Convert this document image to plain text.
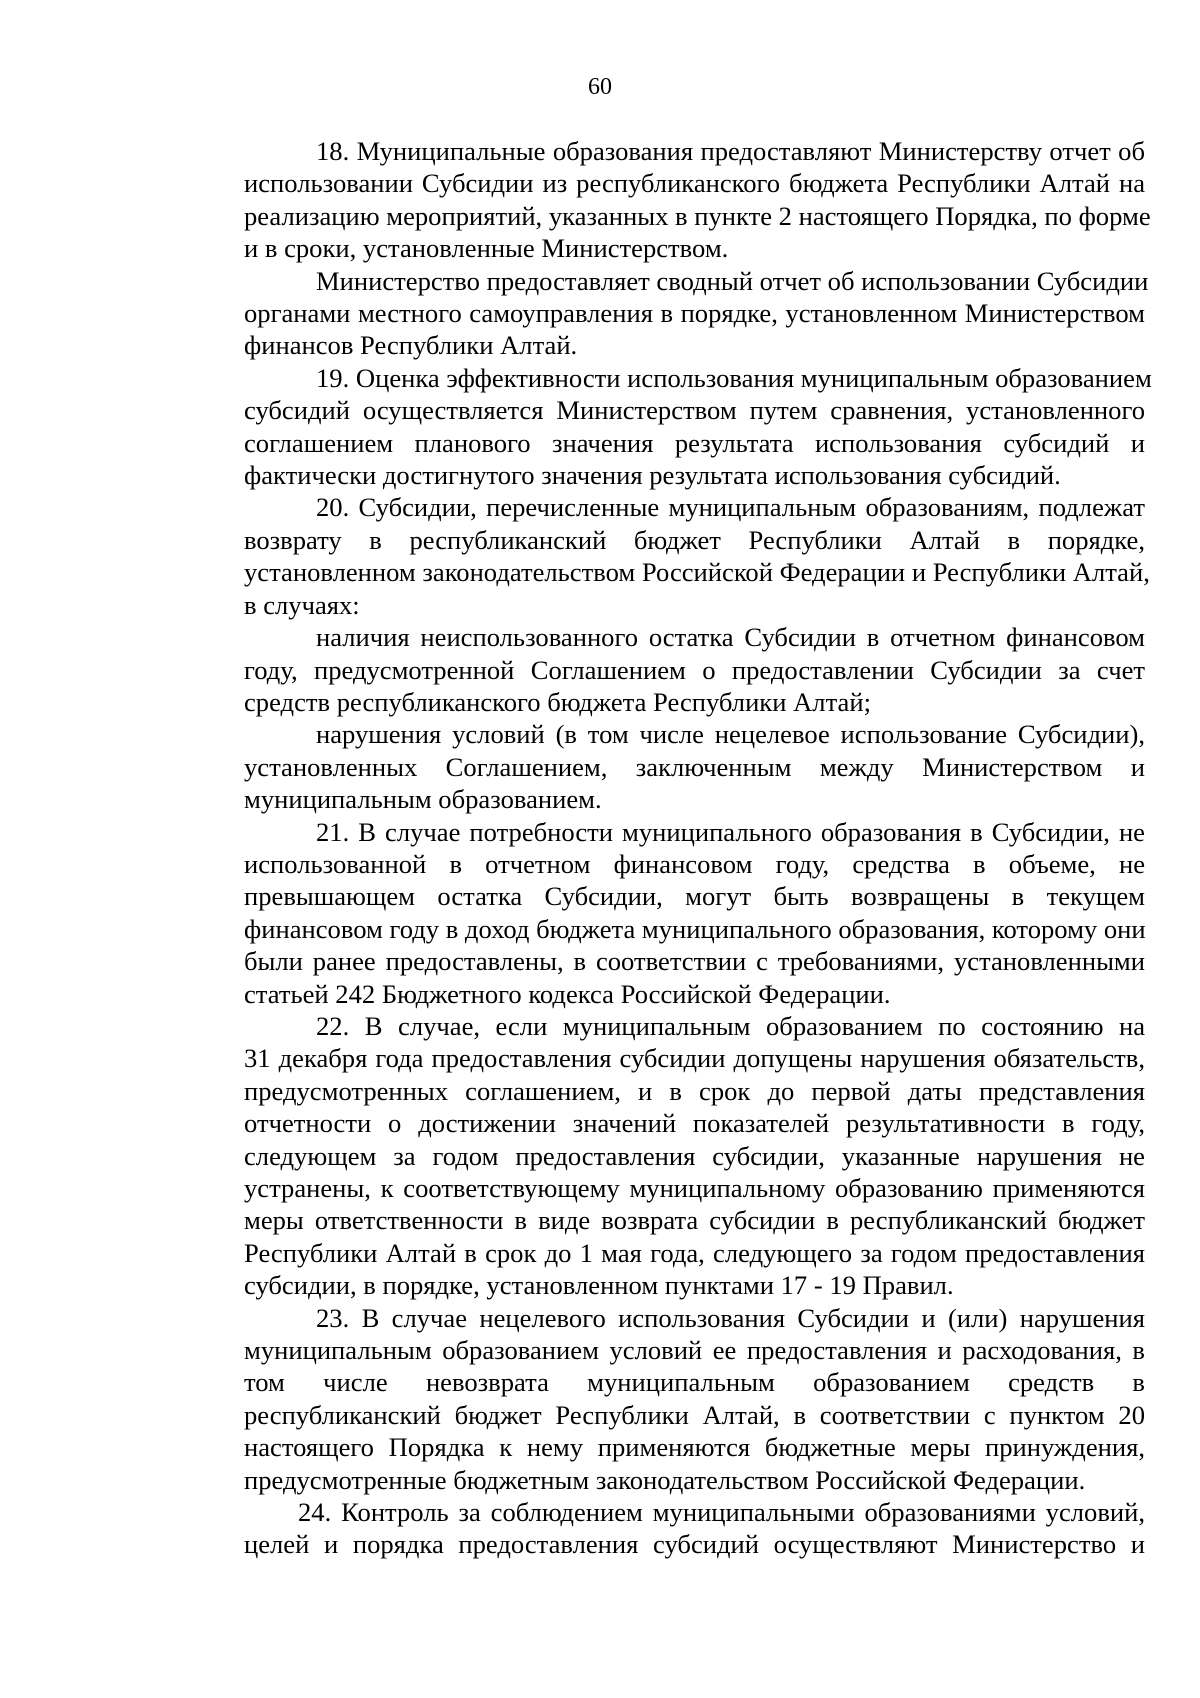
60
18. Муниципальные образования предоставляют Министерству отчет об
использовании Субсидии из республиканского бюджета Республики Алтай на
реализацию мероприятий, указанных в пункте 2 настоящего Порядка, по форме
и в сроки, установленные Министерством.
Министерство предоставляет сводный отчет об использовании Субсидии
органами местного самоуправления в порядке, установленном Министерством
финансов Республики Алтай.
19. Оценка эффективности использования муниципальным образованием
субсидий осуществляется Министерством путем сравнения, установленного
соглашением планового значения результата использования субсидий и
фактически достигнутого значения результата использования субсидий.
20. Субсидии, перечисленные муниципальным образованиям, подлежат
возврату в республиканский бюджет Республики Алтай в порядке,
установленном законодательством Российской Федерации и Республики Алтай,
в случаях:
наличия неиспользованного остатка Субсидии в отчетном финансовом
году, предусмотренной Соглашением о предоставлении Субсидии за счет
средств республиканского бюджета Республики Алтай;
нарушения условий (в том числе нецелевое использование Субсидии),
установленных Соглашением, заключенным между Министерством и
муниципальным образованием.
21. В случае потребности муниципального образования в Субсидии, не
использованной в отчетном финансовом году, средства в объеме, не
превышающем остатка Субсидии, могут быть возвращены в текущем
финансовом году в доход бюджета муниципального образования, которому они
были ранее предоставлены, в соответствии с требованиями, установленными
статьей 242 Бюджетного кодекса Российской Федерации.
22. В случае, если муниципальным образованием по состоянию на
31 декабря года предоставления субсидии допущены нарушения обязательств,
предусмотренных соглашением, и в срок до первой даты представления
отчетности о достижении значений показателей результативности в году,
следующем за годом предоставления субсидии, указанные нарушения не
устранены, к соответствующему муниципальному образованию применяются
меры ответственности в виде возврата субсидии в республиканский бюджет
Республики Алтай в срок до 1 мая года, следующего за годом предоставления
субсидии, в порядке, установленном пунктами 17 - 19 Правил.
23. В случае нецелевого использования Субсидии и (или) нарушения
муниципальным образованием условий ее предоставления и расходования, в
том числе невозврата муниципальным образованием средств в
республиканский бюджет Республики Алтай, в соответствии с пунктом 20
настоящего Порядка к нему применяются бюджетные меры принуждения,
предусмотренные бюджетным законодательством Российской Федерации.
24. Контроль за соблюдением муниципальными образованиями условий,
целей и порядка предоставления субсидий осуществляют Министерство и
